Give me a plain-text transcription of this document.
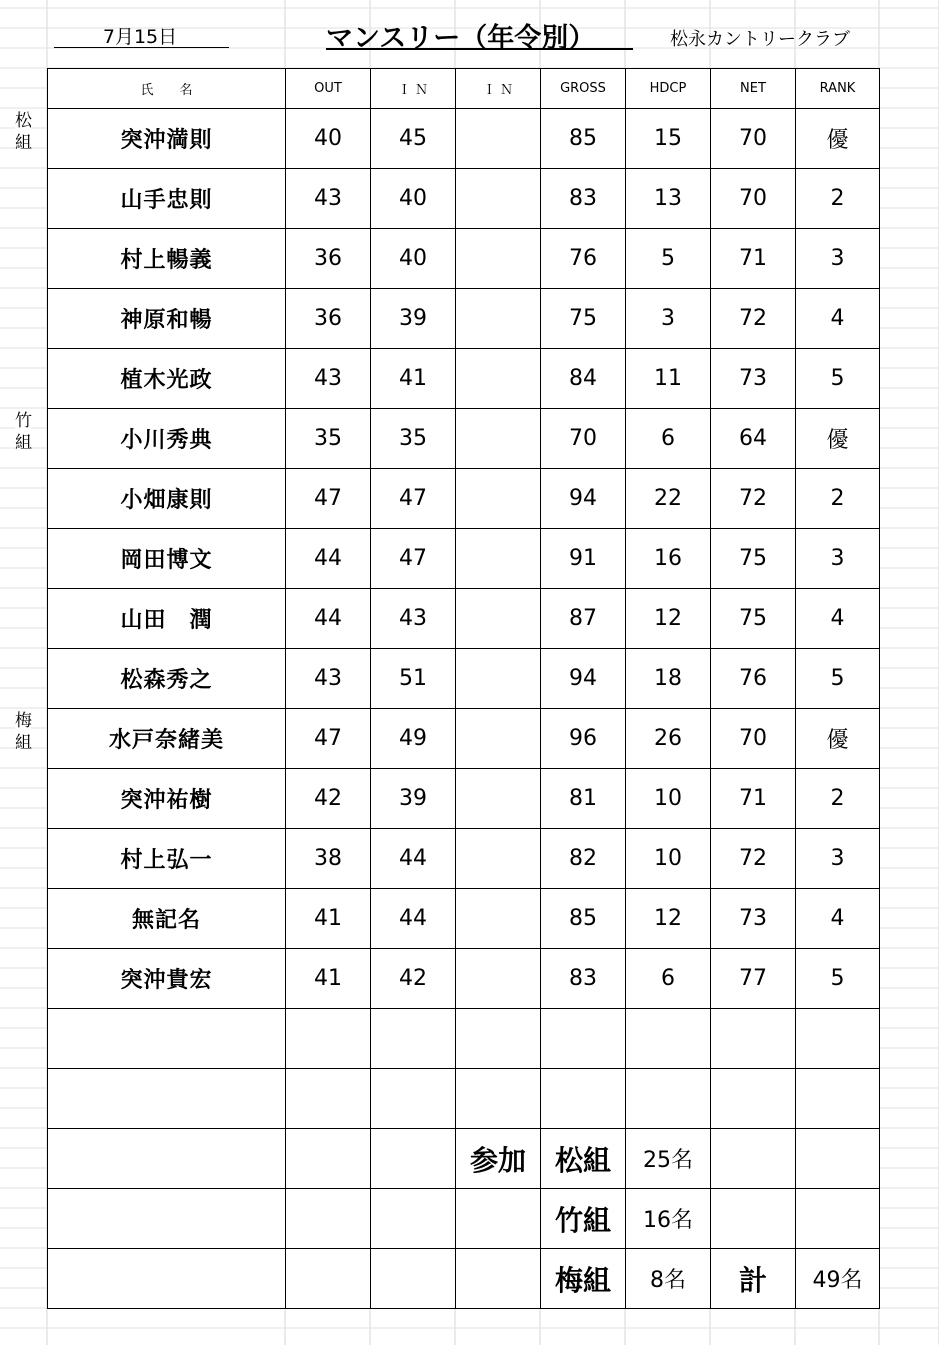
7月15日	マンスリー（年令別）	松永カントリークラブ
松組
竹組
梅組
氏　　名	OUT	Ｉ Ｎ	Ｉ Ｎ	GROSS	HDCP	NET	RANK
突沖満則	40	45		85	15	70	優
山手忠則	43	40		83	13	70	2
村上暢義	36	40		76	5	71	3
神原和暢	36	39		75	3	72	4
植木光政	43	41		84	11	73	5
小川秀典	35	35		70	6	64	優
小畑康則	47	47		94	22	72	2
岡田博文	44	47		91	16	75	3
山田　潤	44	43		87	12	75	4
松森秀之	43	51		94	18	76	5
水戸奈緒美	47	49		96	26	70	優
突沖祐樹	42	39		81	10	71	2
村上弘一	38	44		82	10	72	3
無記名	41	44		85	12	73	4
突沖貴宏	41	42		83	6	77	5

			参加	松組	25名		
				竹組	16名		
				梅組	8名	計	49名
